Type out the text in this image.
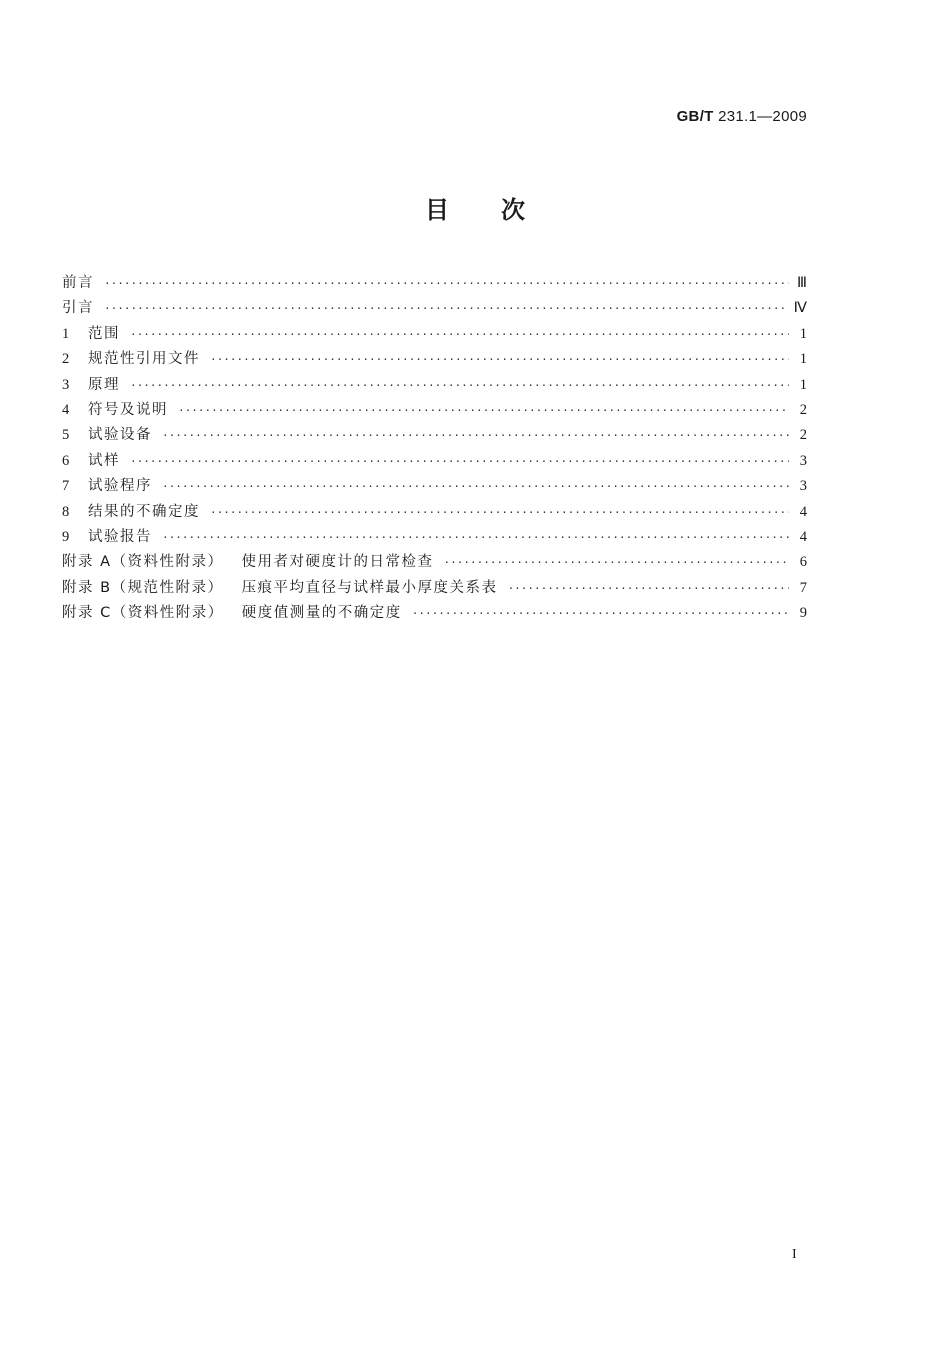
GB/T 231.1—2009
目次
前言 ·····	Ⅲ
引言 ·····	Ⅳ
1	范围 ·····	1
2	规范性引用文件 ·····	1
3	原理 ·····	1
4	符号及说明 ·····	2
5	试验设备 ·····	2
6	试样 ·····	3
7	试验程序 ·····	3
8	结果的不确定度 ·····	4
9	试验报告 ·····	4
附录 A（资料性附录） 使用者对硬度计的日常检查 ·····	6
附录 B（规范性附录） 压痕平均直径与试样最小厚度关系表 ·····	7
附录 C（资料性附录） 硬度值测量的不确定度 ·····	9
I
